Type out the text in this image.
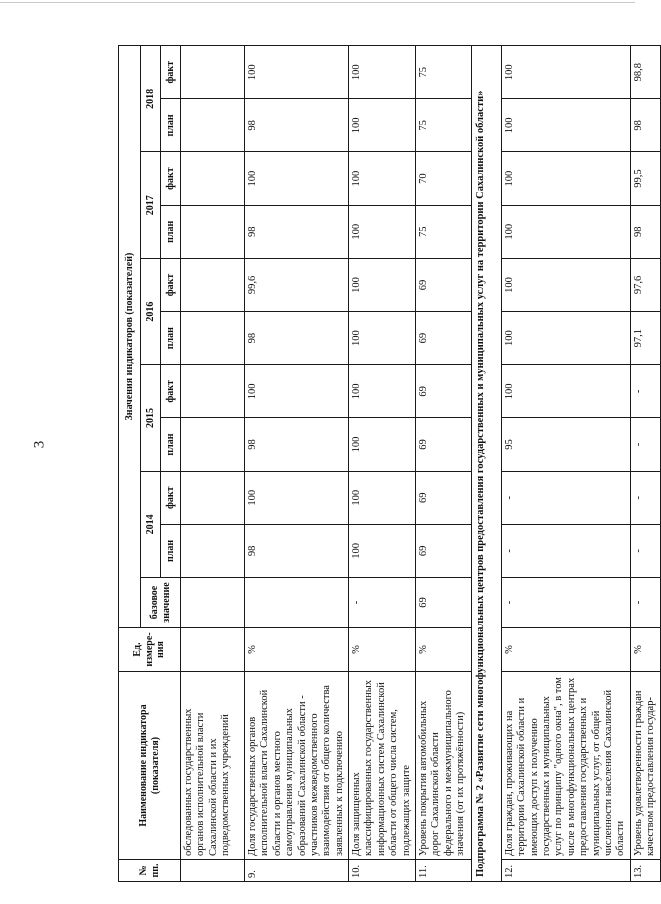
3
№ пп.	Наименование индикатора (показателя)	Ед. измере-ния	Значения индикаторов (показателей)										
			базовое значение	2014		2015		2016		2017		2018	
				план	факт	план	факт	план	факт	план	факт	план	факт
	обследованных государственных органов исполнительной власти Сахалинской области и их подведомственных учреждений												
9.	Доля государственных органов исполнительной власти Сахалинской области и органов местного самоуправления муниципальных образований Сахалинской области - участников межведомственного взаимодействия от общего количества заявленных к подключению	%		98	100	98	100	98	99,6	98	100	98	100
10.	Доля защищенных классифицированных государственных информационных систем Сахалинской области от общего числа систем, подлежащих защите	%	-	100	100	100	100	100	100	100	100	100	100
11.	Уровень покрытия автомобильных дорог Сахалинской области федерального и межмуниципального значения (от их протяжённости)	%	69	69	69	69	69	69	69	75	70	75	75
Подпрограмма № 2 «Развитие сети многофункциональных центров предоставления государственных и муниципальных услуг на территории Сахалинской области»													
12.	Доля граждан, проживающих на территории Сахалинской области и имеющих доступ к получению государственных и муниципальных услуг по принципу "одного окна", в том числе в многофункциональных центрах предоставления государственных и муниципальных услуг, от общей численности населения Сахалинской области	%	-	-	-	95	100	100	100	100	100	100	100
13.	Уровень удовлетворенности граждан качеством предоставления государ-	%	-	-	-	-	-	97,1	97,6	98	99,5	98	98,8
